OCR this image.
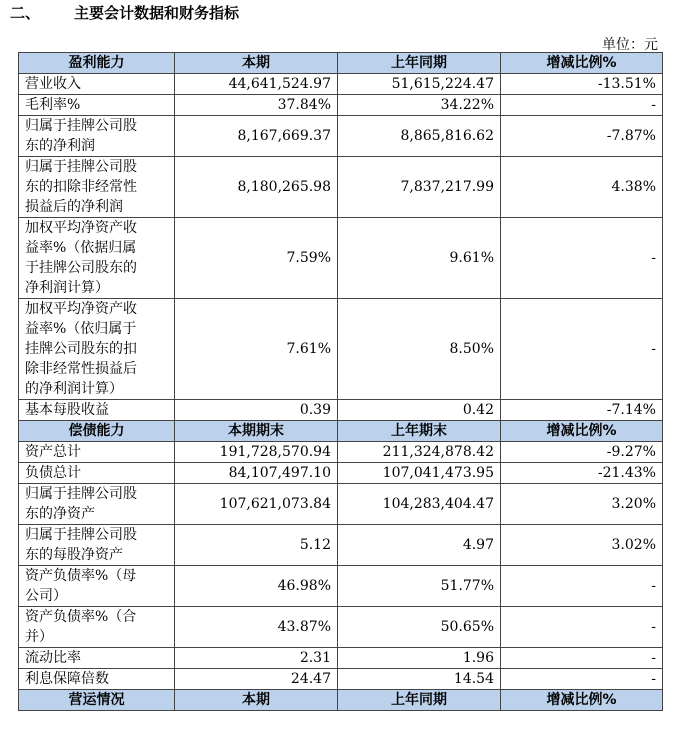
二、 主要会计数据和财务指标
单位：元
盈利能力	本期	上年同期	增减比例%
营业收入	44,641,524.97	51,615,224.47	-13.51%
毛利率%	37.84%	34.22%	-
归属于挂牌公司股
东的净利润	8,167,669.37	8,865,816.62	-7.87%
归属于挂牌公司股
东的扣除非经常性
损益后的净利润	8,180,265.98	7,837,217.99	4.38%
加权平均净资产收
益率%（依据归属
于挂牌公司股东的
净利润计算）	7.59%	9.61%	-
加权平均净资产收
益率%（依归属于
挂牌公司股东的扣
除非经常性损益后
的净利润计算）	7.61%	8.50%	-
基本每股收益	0.39	0.42	-7.14%
偿债能力	本期期末	上年期末	增减比例%
资产总计	191,728,570.94	211,324,878.42	-9.27%
负债总计	84,107,497.10	107,041,473.95	-21.43%
归属于挂牌公司股
东的净资产	107,621,073.84	104,283,404.47	3.20%
归属于挂牌公司股
东的每股净资产	5.12	4.97	3.02%
资产负债率%（母
公司）	46.98%	51.77%	-
资产负债率%（合
并）	43.87%	50.65%	-
流动比率	2.31	1.96	-
利息保障倍数	24.47	14.54	-
营运情况	本期	上年同期	增减比例%
